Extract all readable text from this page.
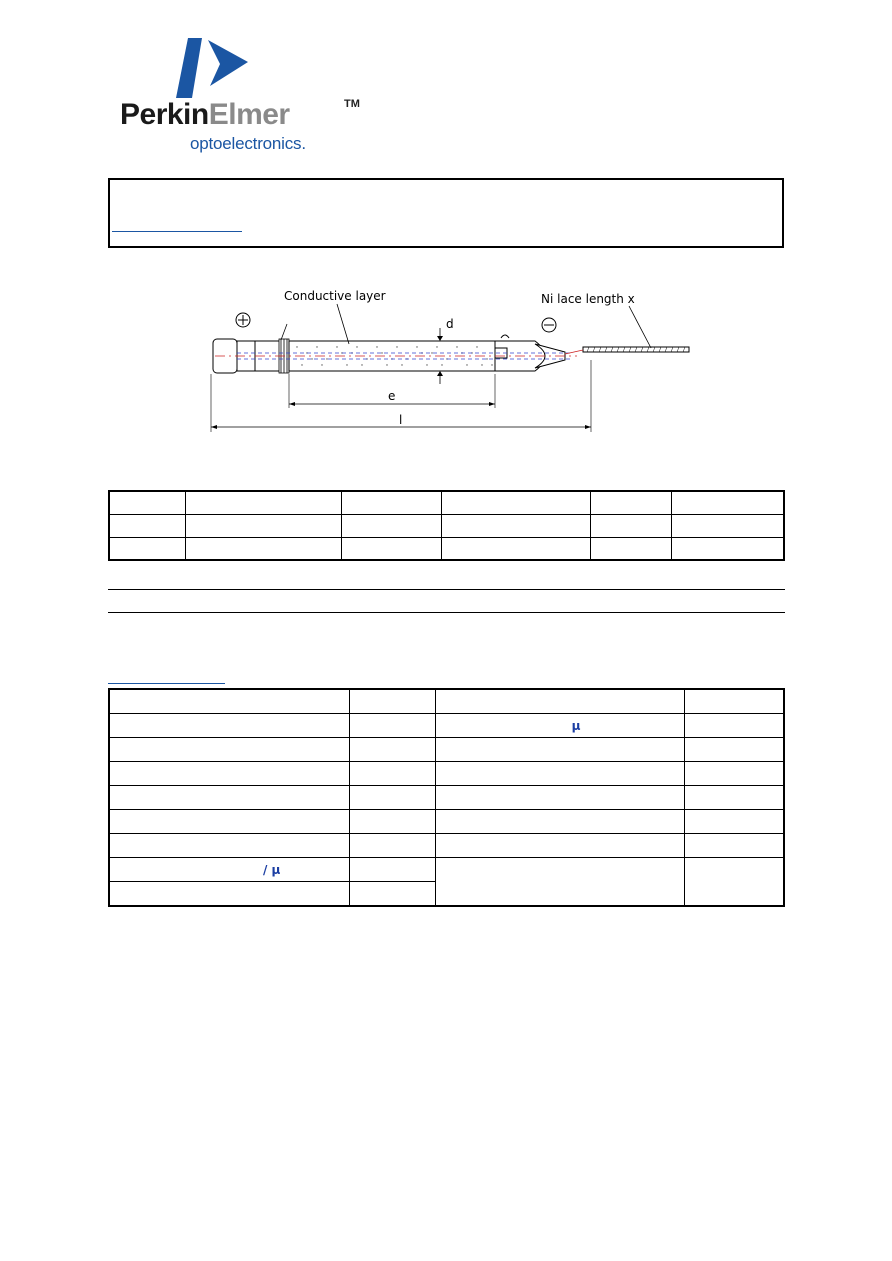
PerkinElmer	TM
optoelectronics.
Conductive layer	Ni lace length x
d
e
l

		μ	

/ μ			
